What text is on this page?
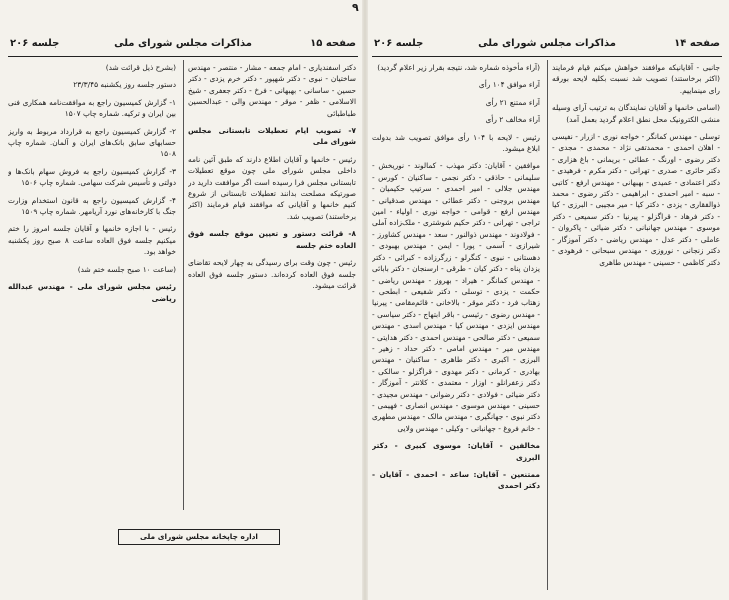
۹
صفحه ۱۵
مذاکرات مجلس شورای ملی
جلسه ۲۰۶

دکتر اسفندیاری - امام جمعه - مشار - منتصر - مهندس ساختیان - نبوی - دکتر شهپور - دکتر خرم یزدی - دکتر حسین - ساسانی - بهبهانی - فرخ - دکتر جعفری - شیخ الاسلامی - ظفر - موقر - مهندس والی - عبدالحسین طباطبائی

۷- تصویب ایام تعطیلات تابستانی مجلس شورای ملی

رئیس - خانمها و آقایان اطلاع دارند که طبق آئین نامه داخلی مجلس شورای ملی چون موقع تعطیلات تابستانی مجلس فرا رسیده است اگر موافقت دارید در صورتیکه مصلحت بدانند تعطیلات تابستانی از شروع کنیم خانمها و آقایانی که موافقند قیام فرمایند (اکثر برخاستند) تصویب شد.

۸- قرائت دستور و تعیین موقع جلسه فوق العاده ختم جلسه

رئیس - چون وقت برای رسیدگی به چهار لایحه تقاضای جلسه فوق العاده کرده‌اند. دستور جلسه فوق العاده قرائت میشود.

(بشرح ذیل قرائت شد)

دستور جلسه روز یکشنبه ۲۳/۳/۴۵

۱- گزارش کمیسیون راجع به موافقت‌نامه همکاری فنی بین ایران و ترکیه. شماره چاپ ۱۵۰۷

۲- گزارش کمیسیون راجع به قرارداد مربوط به واریز حسابهای سابق بانک‌های ایران و آلمان. شماره چاپ ۱۵۰۸

۳- گزارش کمیسیون راجع به فروش سهام بانک‌ها و دولتی و تأسیس شرکت سهامی. شماره چاپ ۱۵۰۶

۴- گزارش کمیسیون راجع به قانون استخدام وزارت جنگ با کارخانه‌های نورد آریامهر. شماره چاپ ۱۵۰۹

رئیس - با اجازه خانمها و آقایان جلسه امروز را ختم میکنیم جلسه فوق العاده ساعت ۸ صبح روز یکشنبه خواهد بود.

(ساعت ۱۰ صبح جلسه ختم شد)

رئیس مجلس شورای ملی - مهندس عبدالله ریاضی

صفحه ۱۴
مذاکرات مجلس شورای ملی
جلسه ۲۰۶

جانبی - آقایانیکه موافقند خواهش میکنم قیام فرمایند (اکثر برخاستند) تصویب شد نسبت بکلیه لایحه بورقه رای مینماییم.

(اسامی خانمها و آقایان نمایندگان به ترتیب آرای وسیله منشی الکترونیک محل نطق اعلام گردید بعمل آمد)

توسلی - مهندس کمانگر - خواجه نوری - ازرار - نفیسی - اهلان احمدی - محمدتقی نژاد - محمدی - مجدی - دکتر رضوی - اورنگ - عطائی - بریمانی - باغ هزاری - دکتر حائری - صدری - تهرانی - دکتر مکرم - فرهیدی - دکتر اعتمادی - عمیدی - بهبهانی - مهندس ارفع - کاتبی - سبه - امیر احمدی - ابراهیمی - دکتر رضوی - محمد ذوالفقاری - یزدی - دکتر کیا - میر مجیبی - البرزی - کیا - دکتر فرهاد - قراگزلو - پیرنیا - دکتر سمیعی - دکتر موسوی - مهندس جهانبانی - دکتر ضیائی - پاکروان - عاملی - دکتر عدل - مهندس ریاضی - دکتر آموزگار - دکتر زنجانی - نوروزی - مهندس سبحانی - فرهودی - دکتر کاظمی - حسینی - مهندس طاهری

(آراء مأخوذه شماره شد، نتیجه بقرار زیر اعلام گردید)

آراء موافق ۱۰۴ رأی

آراء ممتنع ۲۱ رأی

آراء مخالف ۲ رأی

رئیس - لایحه با ۱۰۴ رأی موافق تصویب شد بدولت ابلاغ میشود.

موافقین - آقایان: دکتر مهذب - کمالوند - نوریخش - سلیمانی - حاذقی - دکتر نجمی - ساکنیان - کورس - مهندس جلالی - امیر احمدی - سرتیپ حکیمیان - مهندس بروجنی - دکتر عطائی - مهندس صدقیانی - مهندس ارفع - قوامی - خواجه نوری - اولیاء - امین تراجی - تهرانی - دکتر حکیم شوشتری - ملک‌زاده آملی - فولادوند - مهندس ذوالنور - سعد - مهندس کشاورز - شیرازی - آسمی - پورا - ایمن - مهندس بهبودی - دهستانی - نبوی - کنگرلو - زرگرزاده - کبرائی - دکتر یزدان پناه - دکتر کیان - طرقی - ارسنجان - دکتر بابائی - مهندس کمانگر - هیراد - بهروز - مهندس ریاضی - حکمت - یزدی - توسلی - دکتر شفیعی - ابطحی - زهتاب فرد - دکتر موقر - بالاخانی - قائم‌مقامی - پیرنیا - مهندس رضوی - رئیسی - باقر ابتهاج - دکتر سیاسی - مهندس ایزدی - مهندس کیا - مهندس اسدی - مهندس سمیعی - دکتر صالحی - مهندس احمدی - دکتر هدایتی - مهندس میر - مهندس امامی - دکتر حداد - زهیر - البرزی - اکبری - دکتر طاهری - ساکنیان - مهندس بهادری - کرمانی - دکتر مهدوی - قراگزلو - سالکی - دکتر زعفرانلو - اوزار - معتمدی - کلانتر - آموزگار - دکتر ضیائی - فولادی - دکتر رضوانی - مهندس مجیدی - حسینی - مهندس موسوی - مهندس انصاری - فهیمی - دکتر نبوی - جهانگیری - مهندس مالک - مهندس مطهری - خانم فروغ - جهانبانی - وکیلی - مهندس ولایی

مخالفین - آقایان: موسوی کبیری - دکتر البرزی

ممتنعین - آقایان: ساعد - احمدی - آقایان - دکتر احمدی

اداره چاپخانه مجلس شورای ملی
